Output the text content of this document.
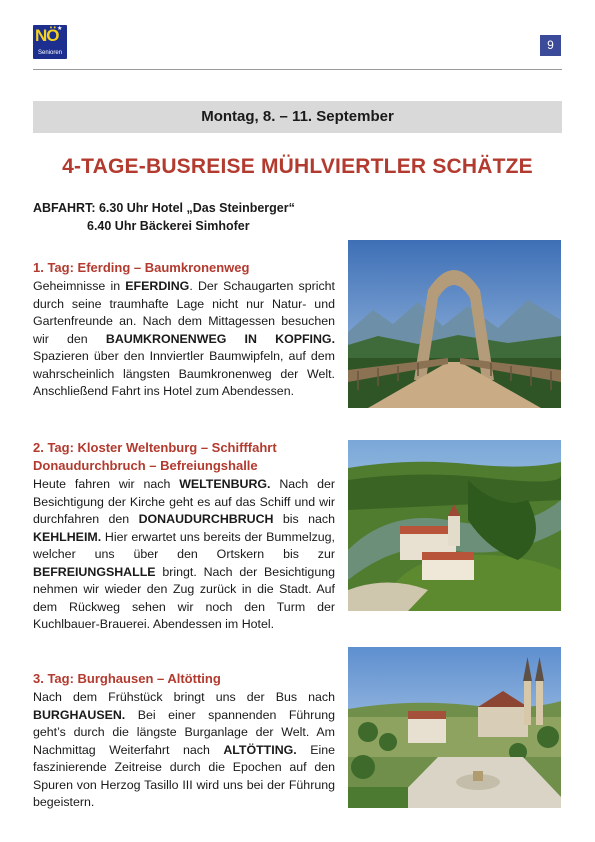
NÖ
★
Senioren
9
Montag, 8. – 11. September
4-TAGE-BUSREISE MÜHLVIERTLER SCHÄTZE
ABFAHRT: 6.30 Uhr Hotel „Das Steinberger“
6.40 Uhr Bäckerei Simhofer
1. Tag: Eferding – Baumkronenweg

Geheimnisse in EFERDING. Der Schaugarten spricht durch seine traumhafte Lage nicht nur Natur- und Gartenfreunde an. Nach dem Mittagessen besuchen wir den BAUMKRONENWEG IN KOPFING. Spazieren über den Innviertler Baumwipfeln, auf dem wahrscheinlich längsten Baumkronenweg der Welt. Anschließend Fahrt ins Hotel zum Abendessen.

2. Tag: Kloster Weltenburg – Schifffahrt Donaudurchbruch – Befreiungshalle

Heute fahren wir nach WELTENBURG. Nach der Besichtigung der Kirche geht es auf das Schiff und wir durchfahren den DONAUDURCHBRUCH bis nach KEHLHEIM. Hier erwartet uns bereits der Bummelzug, welcher uns über den Ortskern bis zur BEFREIUNGSHALLE bringt. Nach der Besichtigung nehmen wir wieder den Zug zurück in die Stadt. Auf dem Rückweg sehen wir noch den Turm der Kuchlbauer-Brauerei. Abendessen im Hotel.

3. Tag: Burghausen – Altötting

Nach dem Frühstück bringt uns der Bus nach BURGHAUSEN. Bei einer spannenden Führung geht’s durch die längste Burganlage der Welt. Am Nachmittag Weiterfahrt nach ALTÖTTING. Eine faszinierende Zeitreise durch die Epochen auf den Spuren von Herzog Tasillo III wird uns bei der Führung begeistern.
